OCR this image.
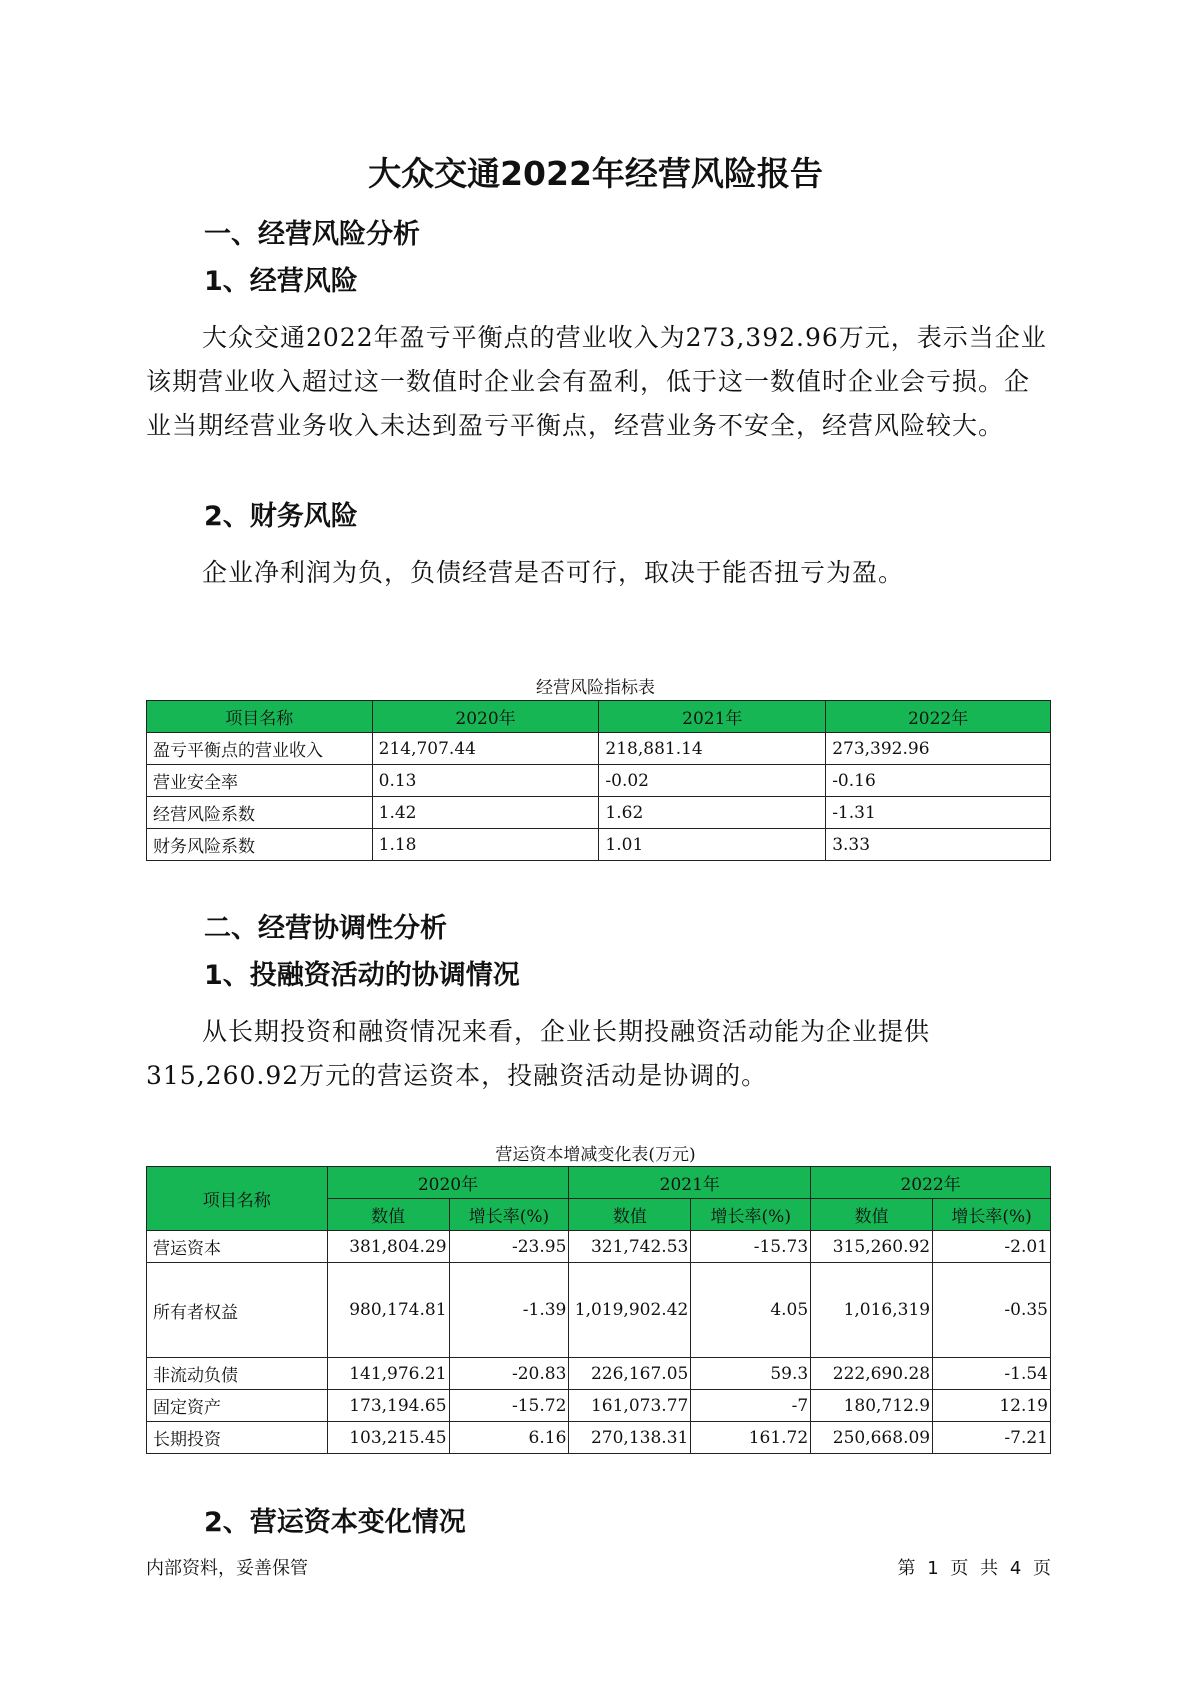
大众交通2022年经营风险报告
一、经营风险分析
1、经营风险

大众交通2022年盈亏平衡点的营业收入为273,392.96万元，表示当企业该期营业收入超过这一数值时企业会有盈利，低于这一数值时企业会亏损。企业当期经营业务收入未达到盈亏平衡点，经营业务不安全，经营风险较大。

2、财务风险

企业净利润为负，负债经营是否可行，取决于能否扭亏为盈。

经营风险指标表

项目名称	2020年	2021年	2022年
盈亏平衡点的营业收入	214,707.44	218,881.14	273,392.96
营业安全率	0.13	-0.02	-0.16
经营风险系数	1.42	1.62	-1.31
财务风险系数	1.18	1.01	3.33
二、经营协调性分析
1、投融资活动的协调情况

从长期投资和融资情况来看，企业长期投融资活动能为企业提供315,260.92万元的营运资本，投融资活动是协调的。

营运资本增减变化表(万元)

项目名称	2020年		2021年		2022年	
	数值	增长率(%)	数值	增长率(%)	数值	增长率(%)
营运资本	381,804.29	-23.95	321,742.53	-15.73	315,260.92	-2.01
所有者权益	980,174.81	-1.39	1,019,902.42	4.05	1,016,319	-0.35
非流动负债	141,976.21	-20.83	226,167.05	59.3	222,690.28	-1.54
固定资产	173,194.65	-15.72	161,073.77	-7	180,712.9	12.19
长期投资	103,215.45	6.16	270,138.31	161.72	250,668.09	-7.21
2、营运资本变化情况

内部资料，妥善保管	第 1 页 共 4 页
